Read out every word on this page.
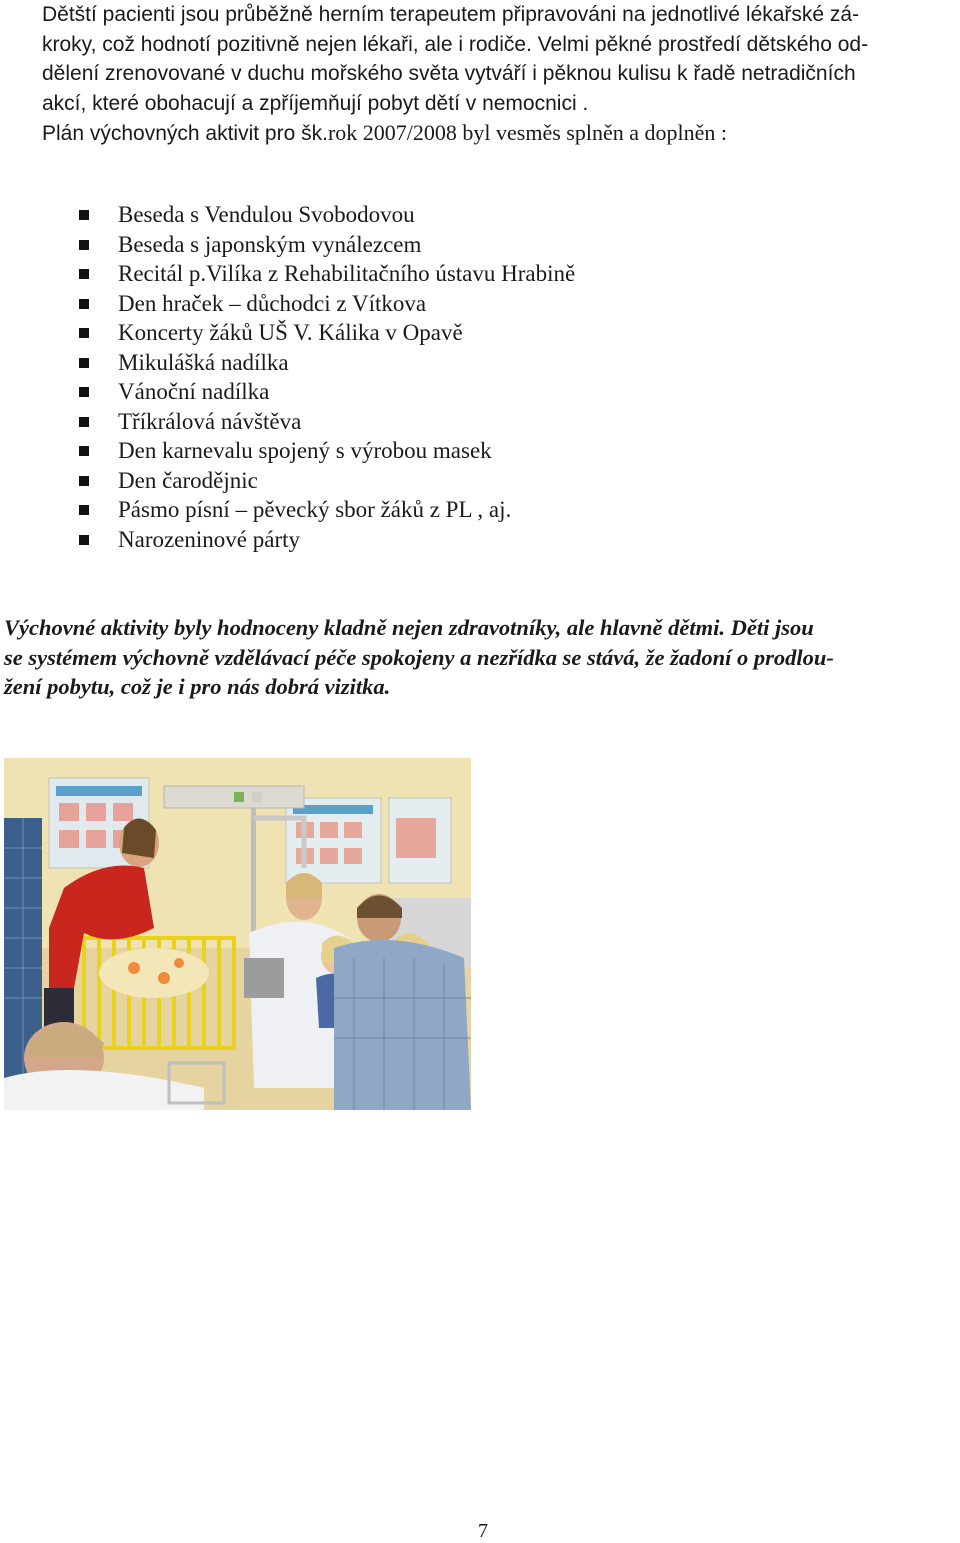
Dětští pacienti jsou průběžně herním terapeutem připravováni na jednotlivé lékařské zá-

kroky, což hodnotí pozitivně nejen lékaři, ale i rodiče. Velmi pěkné prostředí dětského od-

dělení zrenovované v duchu mořského světa vytváří i pěknou kulisu k řadě netradičních

akcí, které obohacují a zpříjemňují pobyt dětí v nemocnici .

Plán výchovných aktivit pro šk.rok 2007/2008 byl vesměs splněn a doplněn :

Beseda s Vendulou Svobodovou
Beseda s japonským vynálezcem
Recitál p.Vilíka z Rehabilitačního ústavu Hrabině
Den hraček – důchodci z Vítkova
Koncerty žáků UŠ V. Kálika v Opavě
Mikulášká nadílka
Vánoční nadílka
Tříkrálová návštěva
Den karnevalu spojený s výrobou masek
Den čarodějnic
Pásmo písní – pěvecký sbor žáků z PL , aj.
Narozeninové párty
Výchovné aktivity byly hodnoceny kladně nejen zdravotníky, ale hlavně dětmi. Děti jsou
se systémem výchovně vzdělávací péče spokojeny a nezřídka se stává, že žadoní o prodlou-
žení pobytu, což je i pro nás dobrá vizitka.
7
